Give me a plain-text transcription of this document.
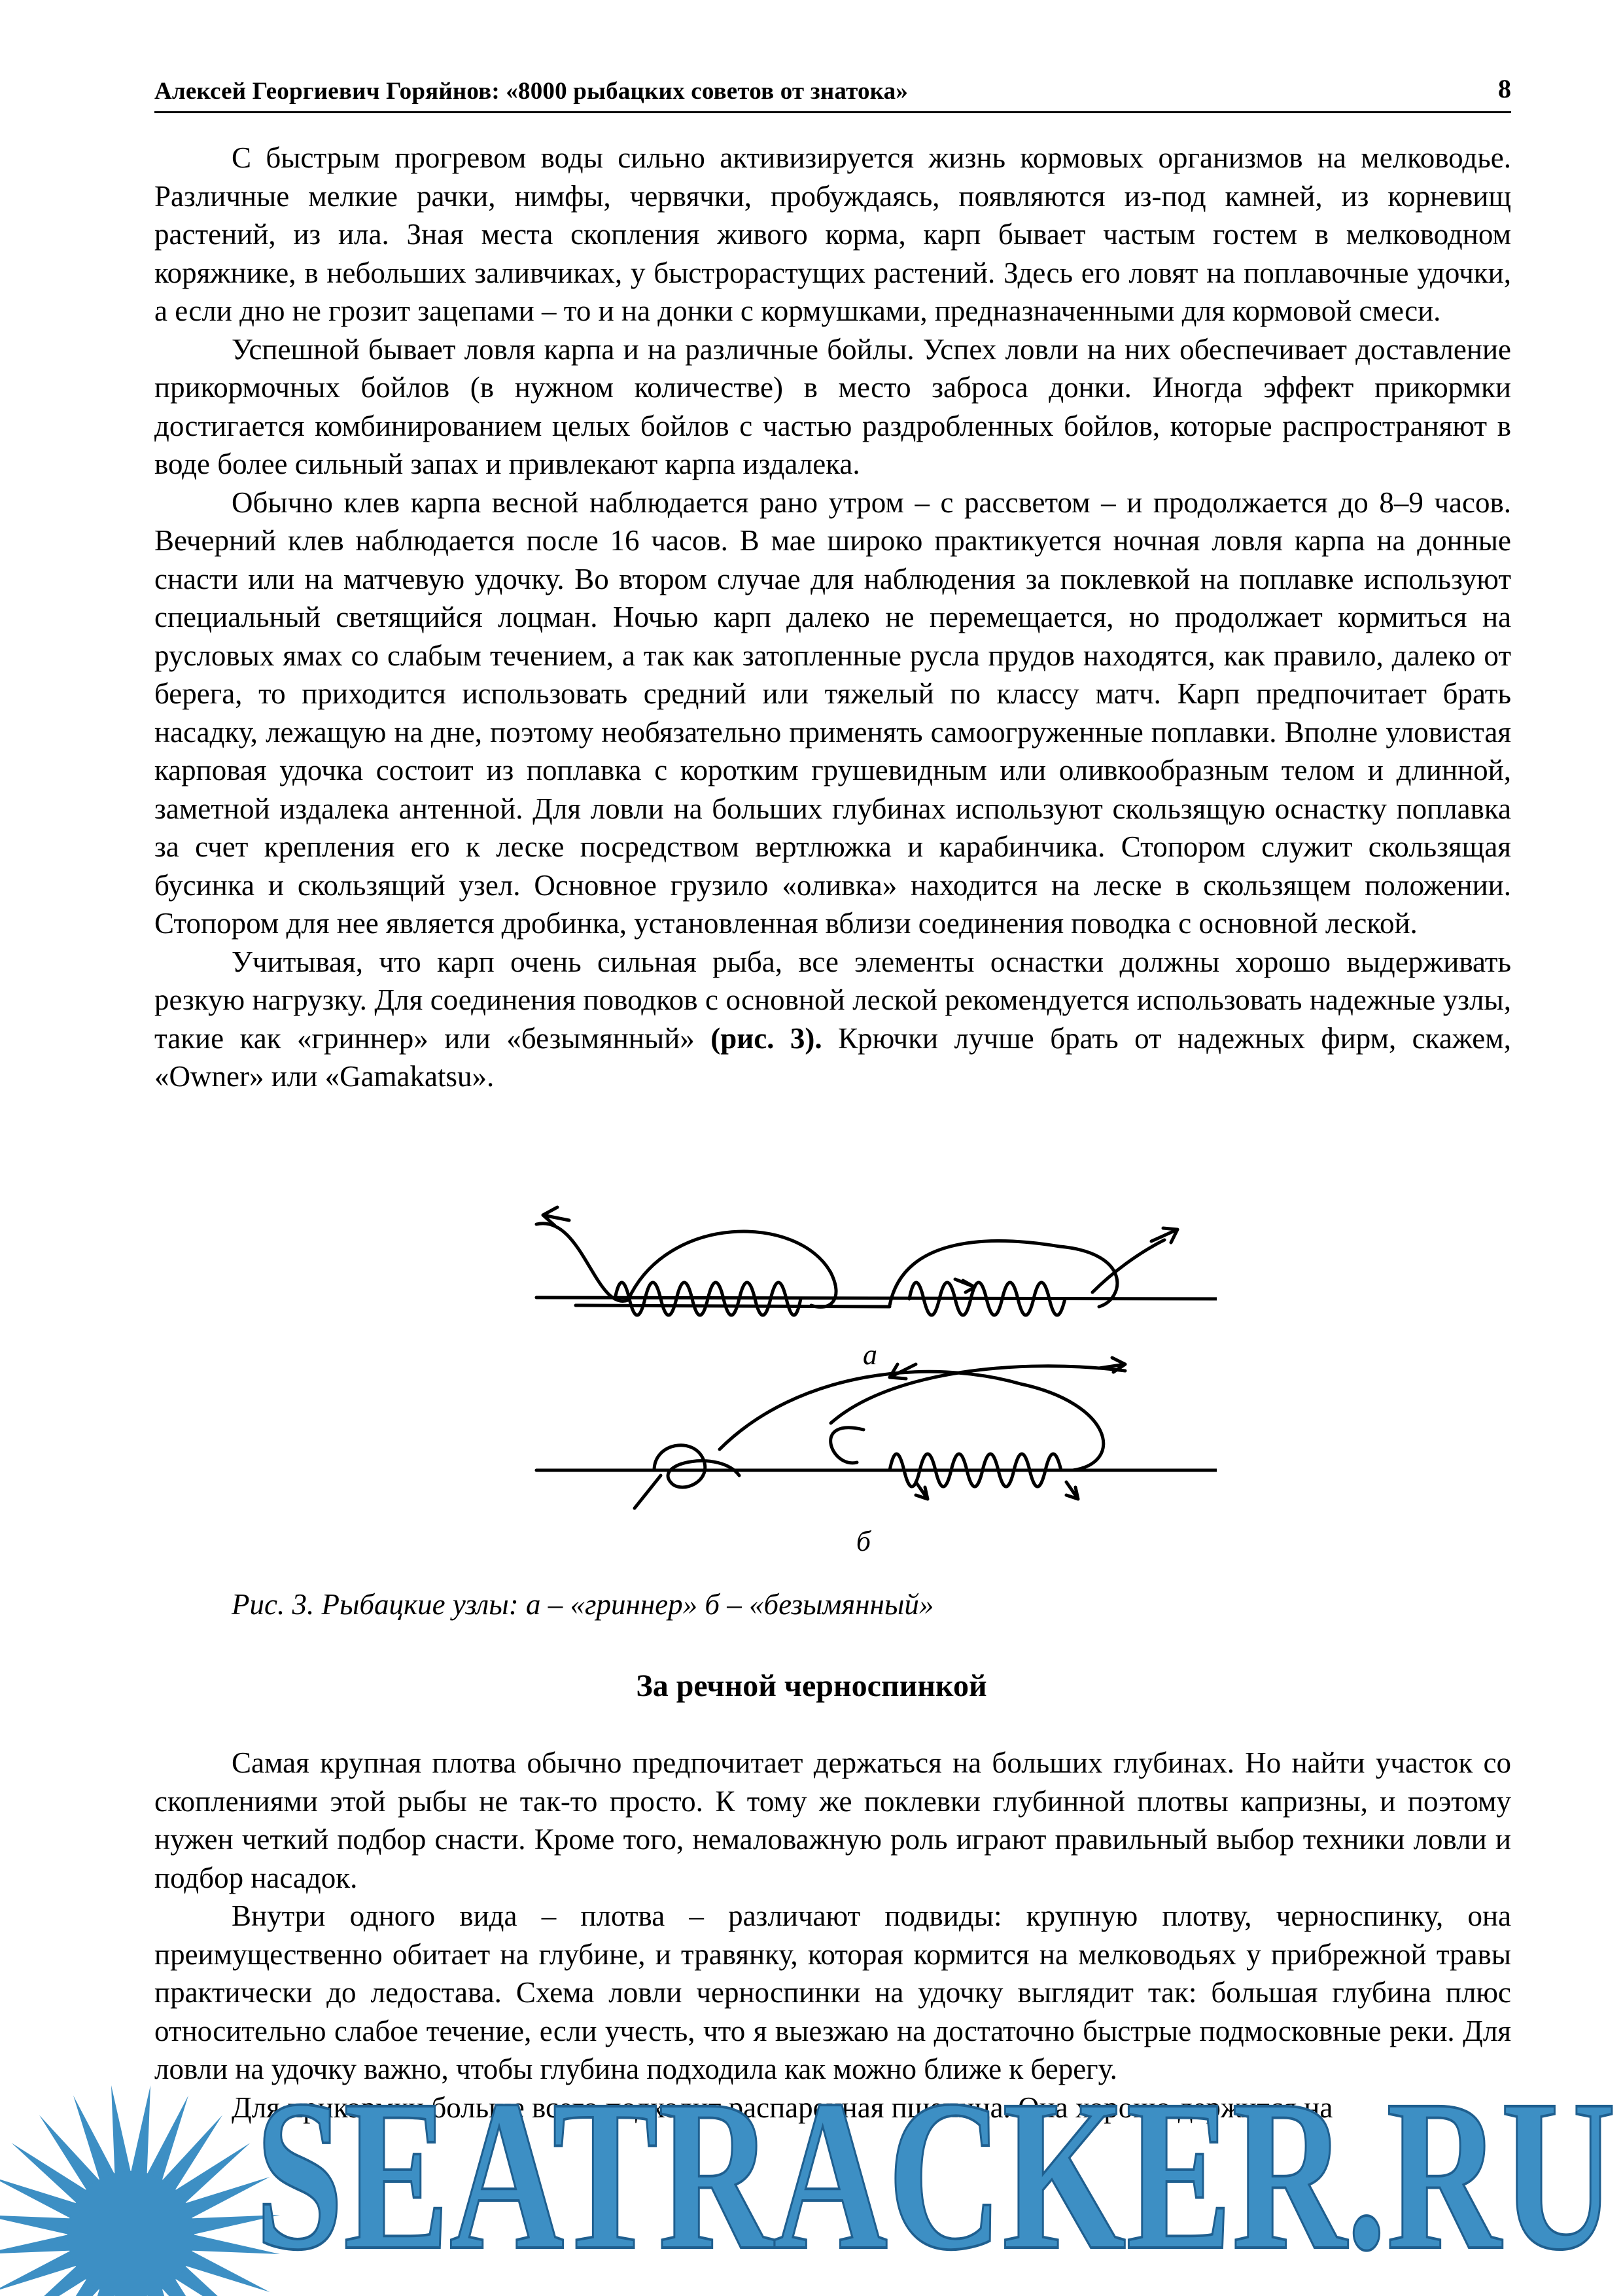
Алексей Георгиевич Горяйнов: «8000 рыбацких советов от знатока»	8

С быстрым прогревом воды сильно активизируется жизнь кормовых организмов на мелководье. Различные мелкие рачки, нимфы, червячки, пробуждаясь, появляются из-под камней, из корневищ растений, из ила. Зная места скопления живого корма, карп бывает частым гостем в мелководном коряжнике, в небольших заливчиках, у быстрорастущих растений. Здесь его ловят на поплавочные удочки, а если дно не грозит зацепами – то и на донки с кормушками, предназначенными для кормовой смеси.

Успешной бывает ловля карпа и на различные бойлы. Успех ловли на них обеспечивает доставление прикормочных бойлов (в нужном количестве) в место заброса донки. Иногда эффект прикормки достигается комбинированием целых бойлов с частью раздробленных бойлов, которые распространяют в воде более сильный запах и привлекают карпа издалека.

Обычно клев карпа весной наблюдается рано утром – с рассветом – и продолжается до 8–9 часов. Вечерний клев наблюдается после 16 часов. В мае широко практикуется ночная ловля карпа на донные снасти или на матчевую удочку. Во втором случае для наблюдения за поклевкой на поплавке используют специальный светящийся лоцман. Ночью карп далеко не перемещается, но продолжает кормиться на русловых ямах со слабым течением, а так как затопленные русла прудов находятся, как правило, далеко от берега, то приходится использовать средний или тяжелый по классу матч. Карп предпочитает брать насадку, лежащую на дне, поэтому необязательно применять самоогруженные поплавки. Вполне уловистая карповая удочка состоит из поплавка с коротким грушевидным или оливкообразным телом и длинной, заметной издалека антенной. Для ловли на больших глубинах используют скользящую оснастку поплавка за счет крепления его к леске посредством вертлюжка и карабинчика. Стопором служит скользящая бусинка и скользящий узел. Основное грузило «оливка» находится на леске в скользящем положении. Стопором для нее является дробинка, установленная вблизи соединения поводка с основной леской.

Учитывая, что карп очень сильная рыба, все элементы оснастки должны хорошо выдерживать резкую нагрузку. Для соединения поводков с основной леской рекомендуется использовать надежные узлы, такие как «гриннер» или «безымянный» (рис. 3). Крючки лучше брать от надежных фирм, скажем, «Owner» или «Gamakatsu».

а
б
Рис. 3. Рыбацкие узлы: а – «гриннер» б – «безымянный»
За речной черноспинкой

Самая крупная плотва обычно предпочитает держаться на больших глубинах. Но найти участок со скоплениями этой рыбы не так-то просто. К тому же поклевки глубинной плотвы капризны, и поэтому нужен четкий подбор снасти. Кроме того, немаловажную роль играют правильный выбор техники ловли и подбор насадок.

Внутри одного вида – плотва – различают подвиды: крупную плотву, черноспинку, она преимущественно обитает на глубине, и травянку, которая кормится на мелководьях у прибрежной травы практически до ледостава. Схема ловли черноспинки на удочку выглядит так: большая глубина плюс относительно слабое течение, если учесть, что я выезжаю на достаточно быстрые подмосковные реки. Для ловли на удочку важно, чтобы глубина подходила как можно ближе к берегу.

Для прикормки больше всего подходит распаренная пшеница. Она хорошо держится на

SEATRACKER.RU
